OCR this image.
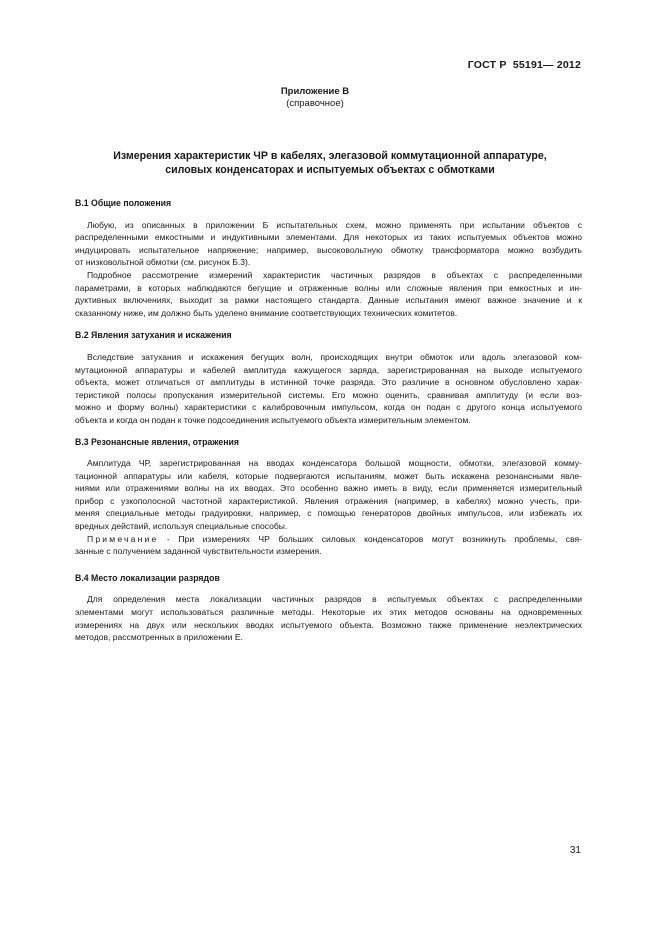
ГОСТ Р  55191— 2012
Приложение В
(справочное)
Измерения характеристик ЧР в кабелях, элегазовой коммутационной аппаратуре,
силовых конденсаторах и испытуемых объектах с обмотками
В.1 Общие положения
Любую, из описанных в приложении Б испытательных схем, можно применять при испытании объектов с
распределенными емкостными и индуктивными элементами. Для некоторых из таких испытуемых объектов можно
индуцировать испытательное напряжение; например, высоковольтную обмотку трансформатора можно возбудить
от низковольтной обмотки (см. рисунок Б.3).
Подробное рассмотрение измерений характеристик частичных разрядов в объектах с распределенными
параметрами, в которых наблюдаются бегущие и отраженные волны или сложные явления при емкостных и ин-
дуктивных включениях, выходит за рамки настоящего стандарта. Данные испытания имеют важное значение и к
сказанному ниже, им должно быть уделено внимание соответствующих технических комитетов.
В.2 Явления затухания и искажения
Вследствие затухания и искажения бегущих волн, происходящих внутри обмоток или вдоль элегазовой ком-
мутационной аппаратуры и кабелей амплитуда кажущегося заряда, зарегистрированная на выходе испытуемого
объекта, может отличаться от амплитуды в истинной точке разряда. Это различие в основном обусловлено харак-
теристикой полосы пропускания измерительной системы. Его можно оценить, сравнивая амплитуду (и если воз-
можно и форму волны) характеристики с калибровочным импульсом, когда он подан с другого конца испытуемого
объекта и когда он подан к точке подсоединения испытуемого объекта измерительным элементом.
В.3 Резонансные явления, отражения
Амплитуда ЧР, зарегистрированная на вводах конденсатора большой мощности, обмотки, элегазовой комму-
тационной аппаратуры или кабеля, которые подвергаются испытаниям, может быть искажена резонансными явле-
ниями или отражениями волны на их вводах. Это особенно важно иметь в виду, если применяется измерительный
прибор с узкополосной частотной характеристикой. Явления отражения (например, в кабелях) можно учесть, при-
меняя специальные методы градуировки, например, с помощью генераторов двойных импульсов, или избежать их
вредных действий, используя специальные способы.
Примечание - При измерениях ЧР больших силовых конденсаторов могут возникнуть проблемы, свя-
занные с получением заданной чувствительности измерения.
В.4 Место локализации разрядов
Для определения места локализации частичных разрядов в испытуемых объектах с распределенными
элементами могут использоваться различные методы. Некоторые их этих методов основаны на одновременных
измерениях на двух или нескольких вводах испытуемого объекта. Возможно также применение неэлектрических
методов, рассмотренных в приложении Е.
31
